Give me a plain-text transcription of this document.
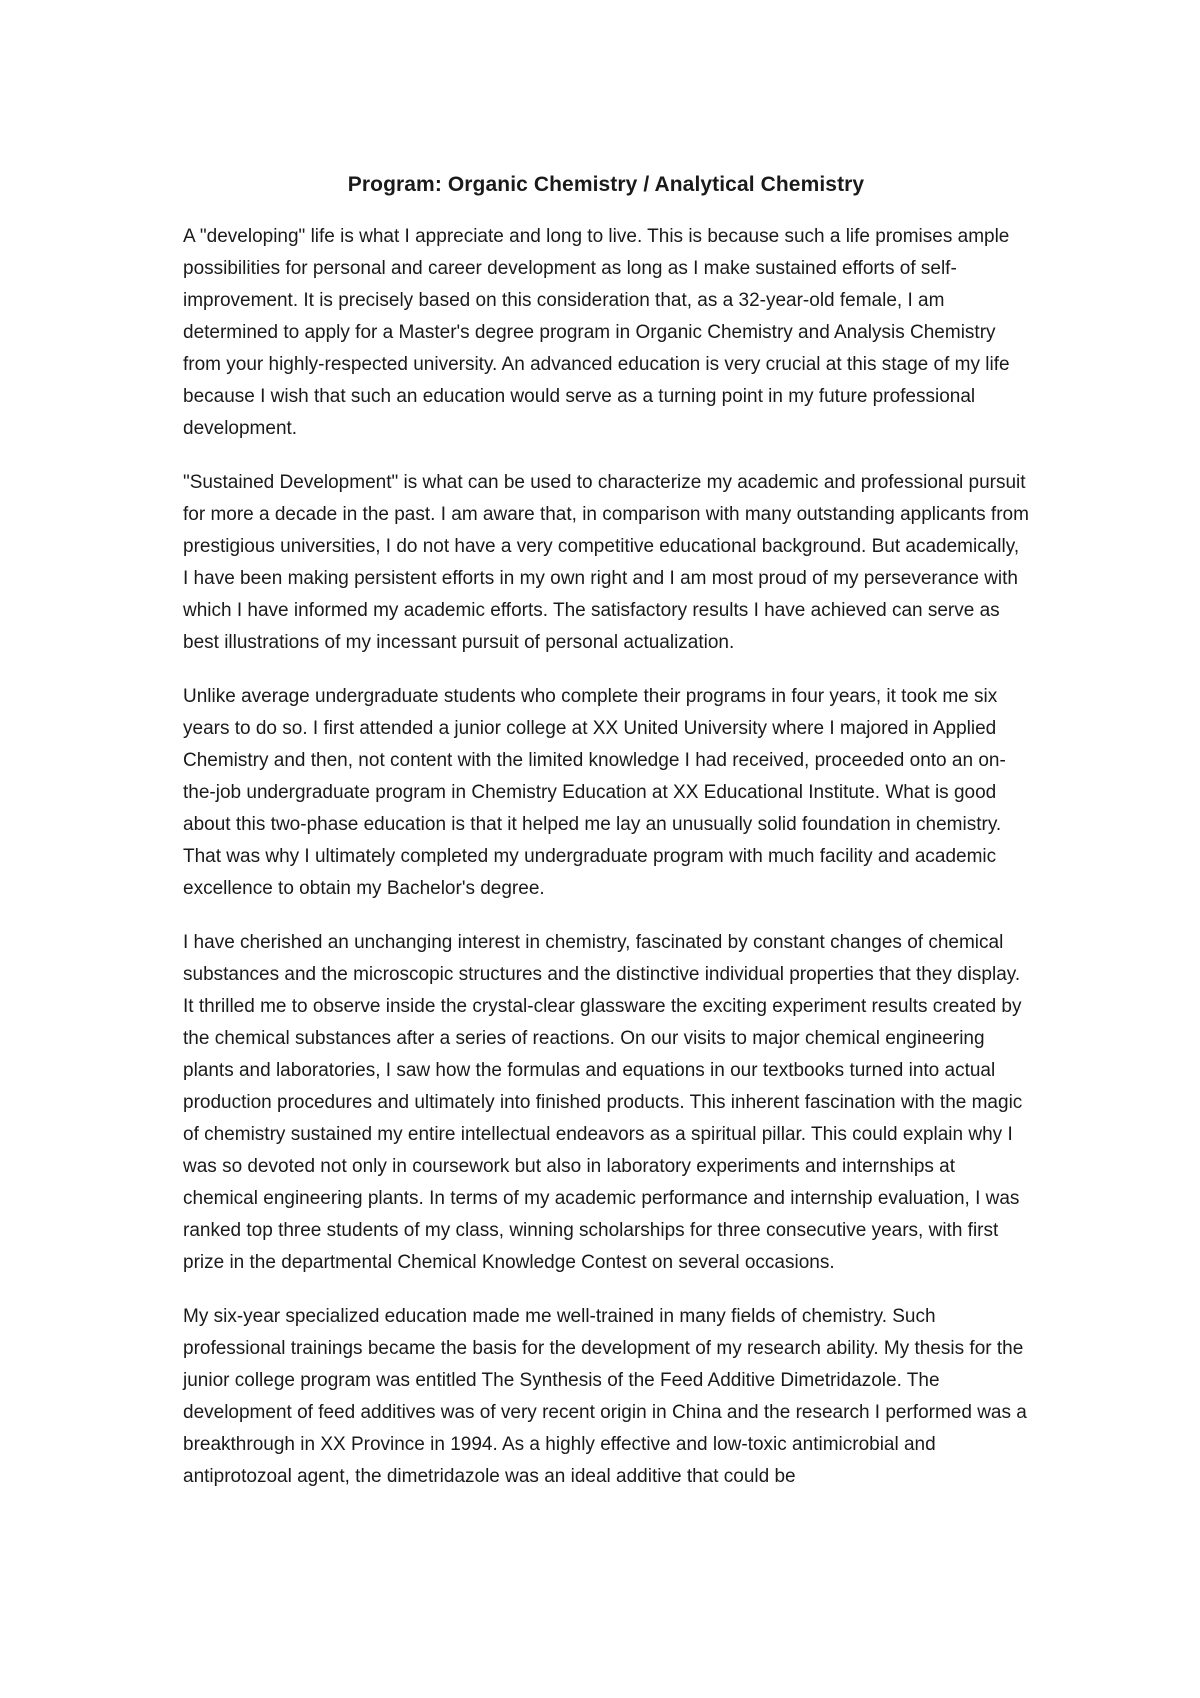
Program: Organic Chemistry / Analytical Chemistry

A "developing" life is what I appreciate and long to live. This is because such a life promises ample possibilities for personal and career development as long as I make sustained efforts of self-improvement. It is precisely based on this consideration that, as a 32-year-old female, I am determined to apply for a Master's degree program in Organic Chemistry and Analysis Chemistry from your highly-respected university. An advanced education is very crucial at this stage of my life because I wish that such an education would serve as a turning point in my future professional development.

"Sustained Development" is what can be used to characterize my academic and professional pursuit for more a decade in the past. I am aware that, in comparison with many outstanding applicants from prestigious universities, I do not have a very competitive educational background. But academically, I have been making persistent efforts in my own right and I am most proud of my perseverance with which I have informed my academic efforts. The satisfactory results I have achieved can serve as best illustrations of my incessant pursuit of personal actualization.

Unlike average undergraduate students who complete their programs in four years, it took me six years to do so. I first attended a junior college at XX United University where I majored in Applied Chemistry and then, not content with the limited knowledge I had received, proceeded onto an on-the-job undergraduate program in Chemistry Education at XX Educational Institute. What is good about this two-phase education is that it helped me lay an unusually solid foundation in chemistry. That was why I ultimately completed my undergraduate program with much facility and academic excellence to obtain my Bachelor's degree.

I have cherished an unchanging interest in chemistry, fascinated by constant changes of chemical substances and the microscopic structures and the distinctive individual properties that they display. It thrilled me to observe inside the crystal-clear glassware the exciting experiment results created by the chemical substances after a series of reactions. On our visits to major chemical engineering plants and laboratories, I saw how the formulas and equations in our textbooks turned into actual production procedures and ultimately into finished products. This inherent fascination with the magic of chemistry sustained my entire intellectual endeavors as a spiritual pillar. This could explain why I was so devoted not only in coursework but also in laboratory experiments and internships at chemical engineering plants. In terms of my academic performance and internship evaluation, I was ranked top three students of my class, winning scholarships for three consecutive years, with first prize in the departmental Chemical Knowledge Contest on several occasions.

My six-year specialized education made me well-trained in many fields of chemistry. Such professional trainings became the basis for the development of my research ability. My thesis for the junior college program was entitled The Synthesis of the Feed Additive Dimetridazole. The development of feed additives was of very recent origin in China and the research I performed was a breakthrough in XX Province in 1994. As a highly effective and low-toxic antimicrobial and antiprotozoal agent, the dimetridazole was an ideal additive that could be
